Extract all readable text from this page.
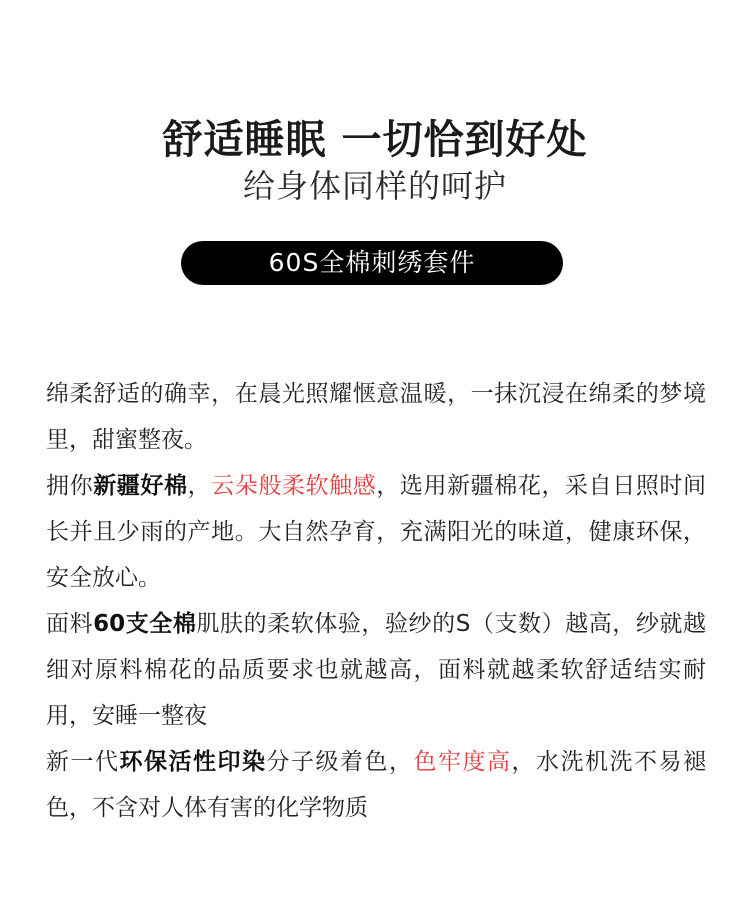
舒适睡眠 一切恰到好处
给身体同样的呵护
60S全棉刺绣套件

绵柔舒适的确幸，在晨光照耀惬意温暖，一抹沉浸在绵柔的梦境里，甜蜜整夜。

拥你新疆好棉，云朵般柔软触感，选用新疆棉花，采自日照时间长并且少雨的产地。大自然孕育，充满阳光的味道，健康环保，安全放心。

面料60支全棉肌肤的柔软体验，验纱的S（支数）越高，纱就越细对原料棉花的品质要求也就越高，面料就越柔软舒适结实耐用，安睡一整夜

新一代环保活性印染分子级着色，色牢度高，水洗机洗不易褪色，不含对人体有害的化学物质
